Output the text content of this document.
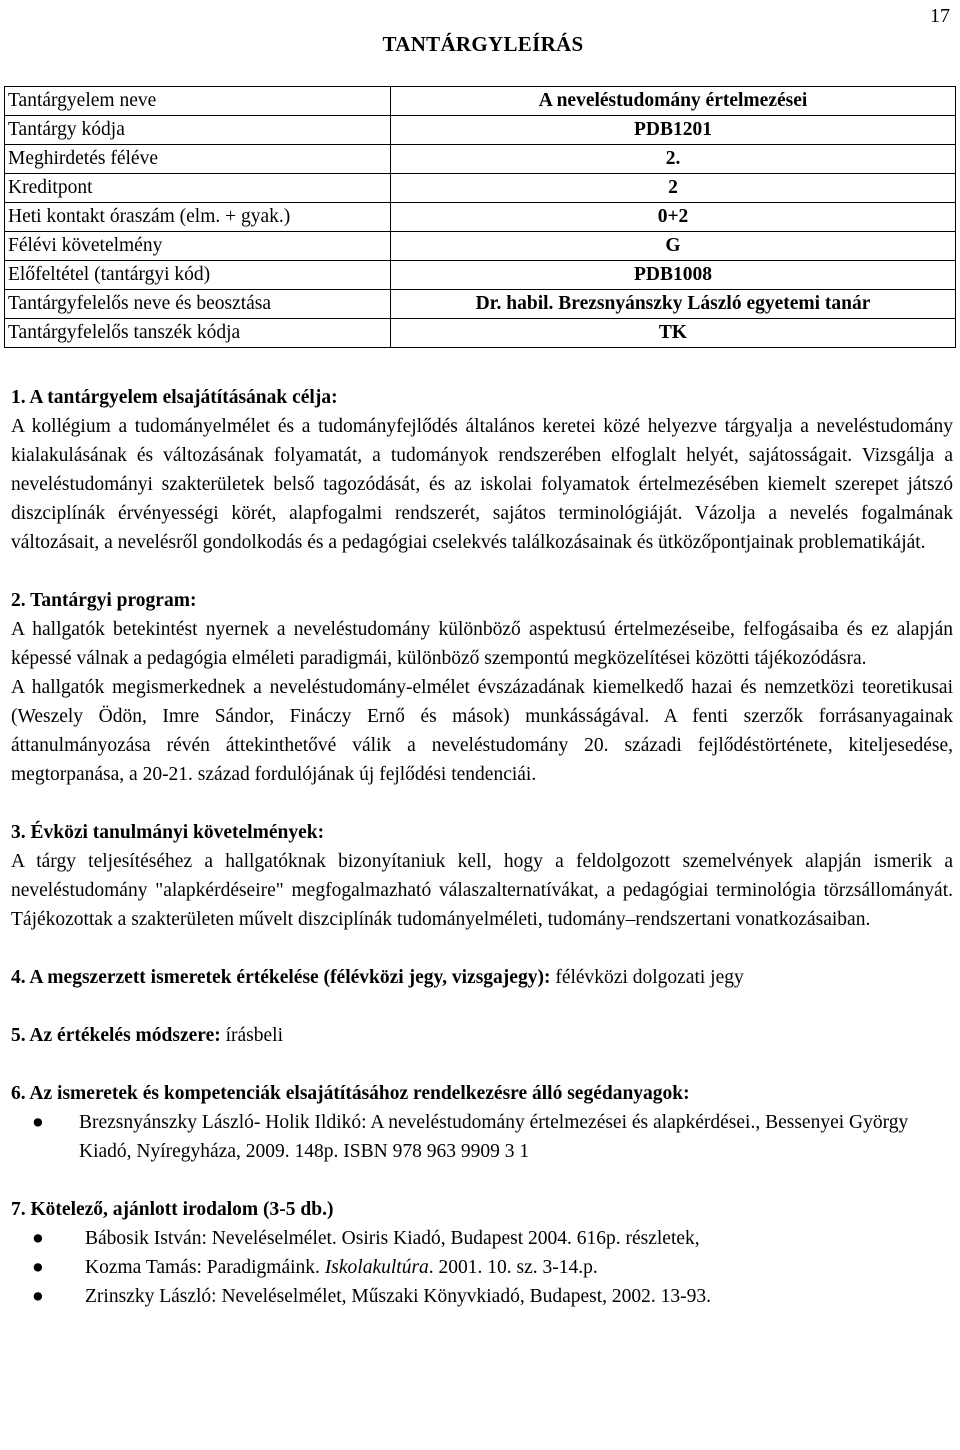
17
TANTÁRGYLEÍRÁS
Tantárgyelem neve	A neveléstudomány értelmezései
Tantárgy kódja	PDB1201
Meghirdetés féléve	2.
Kreditpont	2
Heti kontakt óraszám (elm. + gyak.)	0+2
Félévi követelmény	G
Előfeltétel (tantárgyi kód)	PDB1008
Tantárgyfelelős neve és beosztása	Dr. habil. Brezsnyánszky László egyetemi tanár
Tantárgyfelelős tanszék kódja	TK

1. A tantárgyelem elsajátításának célja:

A kollégium a tudományelmélet és a tudományfejlődés általános keretei közé helyezve tárgyalja a neveléstudomány kialakulásának és változásának folyamatát, a tudományok rendszerében elfoglalt helyét, sajátosságait. Vizsgálja a neveléstudományi szakterületek belső tagozódását, és az iskolai folyamatok értelmezésében kiemelt szerepet játszó diszciplínák érvényességi körét, alapfogalmi rendszerét, sajátos terminológiáját. Vázolja a nevelés fogalmának változásait, a nevelésről gondolkodás és a pedagógiai cselekvés találkozásainak és ütközőpontjainak problematikáját.

2. Tantárgyi program:

A hallgatók betekintést nyernek a neveléstudomány különböző aspektusú értelmezéseibe, felfogásaiba és ez alapján képessé válnak a pedagógia elméleti paradigmái, különböző szempontú megközelítései közötti tájékozódásra.

A hallgatók megismerkednek a neveléstudomány-elmélet évszázadának kiemelkedő hazai és nemzetközi teoretikusai (Weszely Ödön, Imre Sándor, Fináczy Ernő és mások) munkásságával. A fenti szerzők forrásanyagainak áttanulmányozása révén áttekinthetővé válik a neveléstudomány 20. századi fejlődéstörténete, kiteljesedése, megtorpanása, a 20-21. század fordulójának új fejlődési tendenciái.

3. Évközi tanulmányi követelmények:

A tárgy teljesítéséhez a hallgatóknak bizonyítaniuk kell, hogy a feldolgozott szemelvények alapján ismerik a neveléstudomány "alapkérdéseire" megfogalmazható válaszalternatívákat, a pedagógiai terminológia törzsállományát. Tájékozottak a szakterületen művelt diszciplínák tudományelméleti, tudomány–rendszertani vonatkozásaiban.

4. A megszerzett ismeretek értékelése (félévközi jegy, vizsgajegy): félévközi dolgozati jegy

5. Az értékelés módszere: írásbeli

6. Az ismeretek és kompetenciák elsajátításához rendelkezésre álló segédanyagok:

● Brezsnyánszky László- Holik Ildikó: A neveléstudomány értelmezései és alapkérdései., Bessenyei György Kiadó, Nyíregyháza, 2009. 148p. ISBN 978 963 9909 3 1

7. Kötelező, ajánlott irodalom (3-5 db.)

● Bábosik István: Neveléselmélet. Osiris Kiadó, Budapest 2004. 616p. részletek,
● Kozma Tamás: Paradigmáink. Iskolakultúra. 2001. 10. sz. 3-14.p.
● Zrinszky László: Neveléselmélet, Műszaki Könyvkiadó, Budapest, 2002. 13-93.
